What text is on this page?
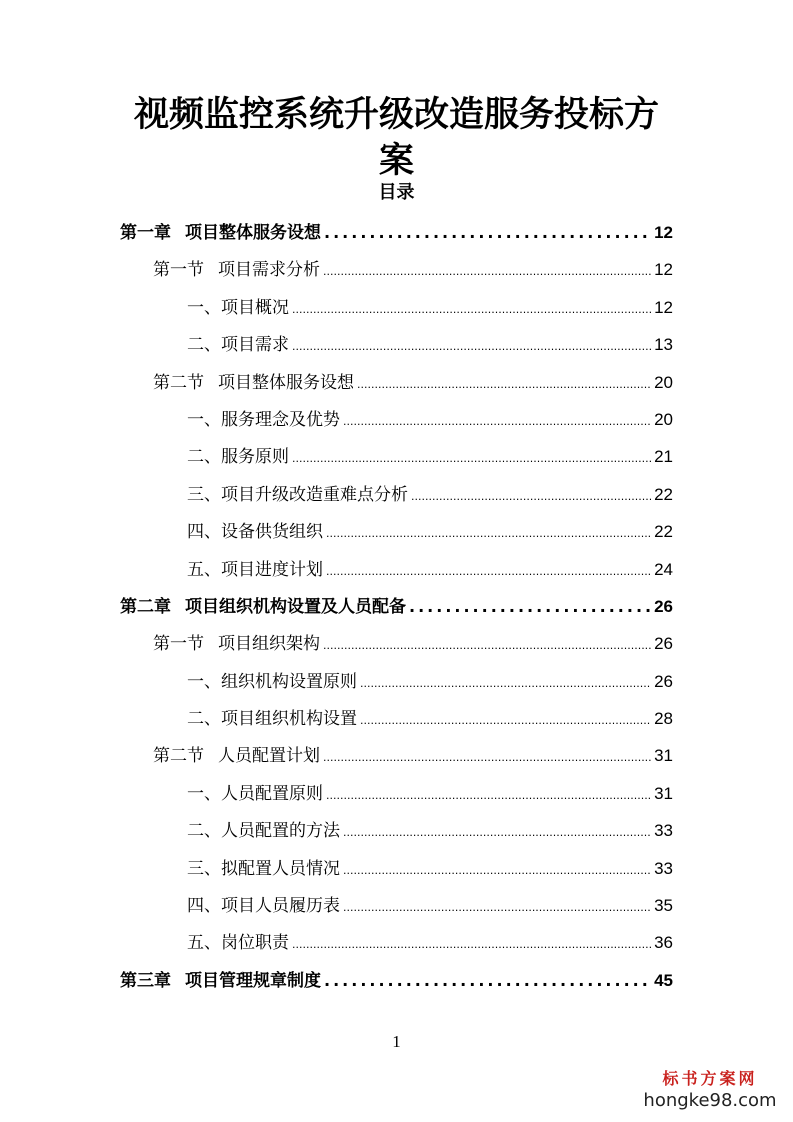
视频监控系统升级改造服务投标方案
目录
第一章 项目整体服务设想 .....	12
第一节 项目需求分析 .....	12
一、项目概况 .....	12
二、项目需求 .....	13
第二节 项目整体服务设想 .....	20
一、服务理念及优势 .....	20
二、服务原则 .....	21
三、项目升级改造重难点分析 .....	22
四、设备供货组织 .....	22
五、项目进度计划 .....	24
第二章 项目组织机构设置及人员配备 .....	26
第一节 项目组织架构 .....	26
一、组织机构设置原则 .....	26
二、项目组织机构设置 .....	28
第二节 人员配置计划 .....	31
一、人员配置原则 .....	31
二、人员配置的方法 .....	33
三、拟配置人员情况 .....	33
四、项目人员履历表 .....	35
五、岗位职责 .....	36
第三章 项目管理规章制度 .....	45
1
标书方案网
hongke98.com
